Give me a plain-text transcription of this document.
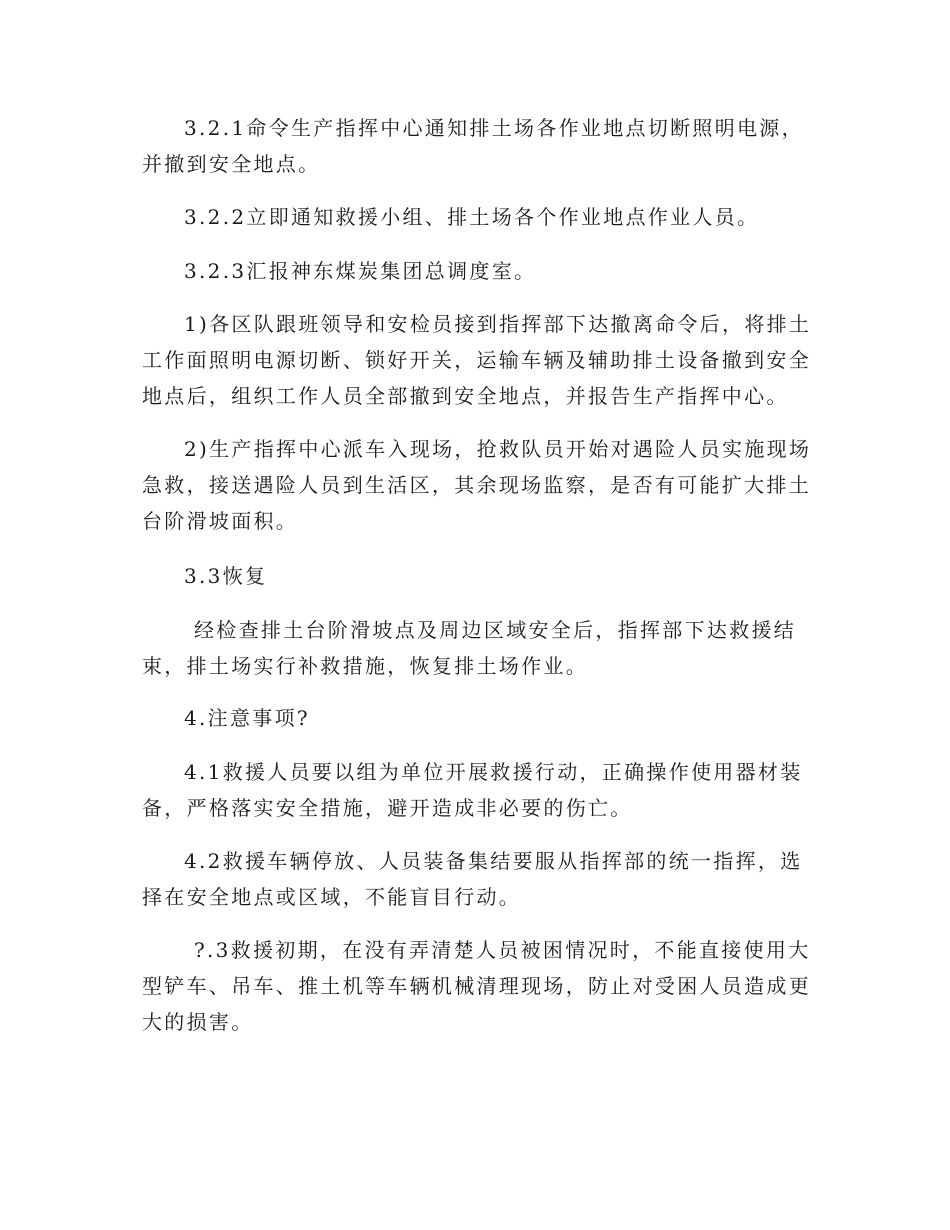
3.2.1命令生产指挥中心通知排土场各作业地点切断照明电源，并撤到安全地点。

3.2.2立即通知救援小组、排土场各个作业地点作业人员。

3.2.3汇报神东煤炭集团总调度室。

1)各区队跟班领导和安检员接到指挥部下达撤离命令后，将排土工作面照明电源切断、锁好开关，运输车辆及辅助排土设备撤到安全地点后，组织工作人员全部撤到安全地点，并报告生产指挥中心。

2)生产指挥中心派车入现场，抢救队员开始对遇险人员实施现场急救，接送遇险人员到生活区，其余现场监察，是否有可能扩大排土台阶滑坡面积。

3.3恢复

经检查排土台阶滑坡点及周边区域安全后，指挥部下达救援结束，排土场实行补救措施，恢复排土场作业。

4.注意事项?

4.1救援人员要以组为单位开展救援行动，正确操作使用器材装备，严格落实安全措施，避开造成非必要的伤亡。

4.2救援车辆停放、人员装备集结要服从指挥部的统一指挥，选择在安全地点或区域，不能盲目行动。

?.3救援初期，在没有弄清楚人员被困情况时，不能直接使用大型铲车、吊车、推土机等车辆机械清理现场，防止对受困人员造成更大的损害。
